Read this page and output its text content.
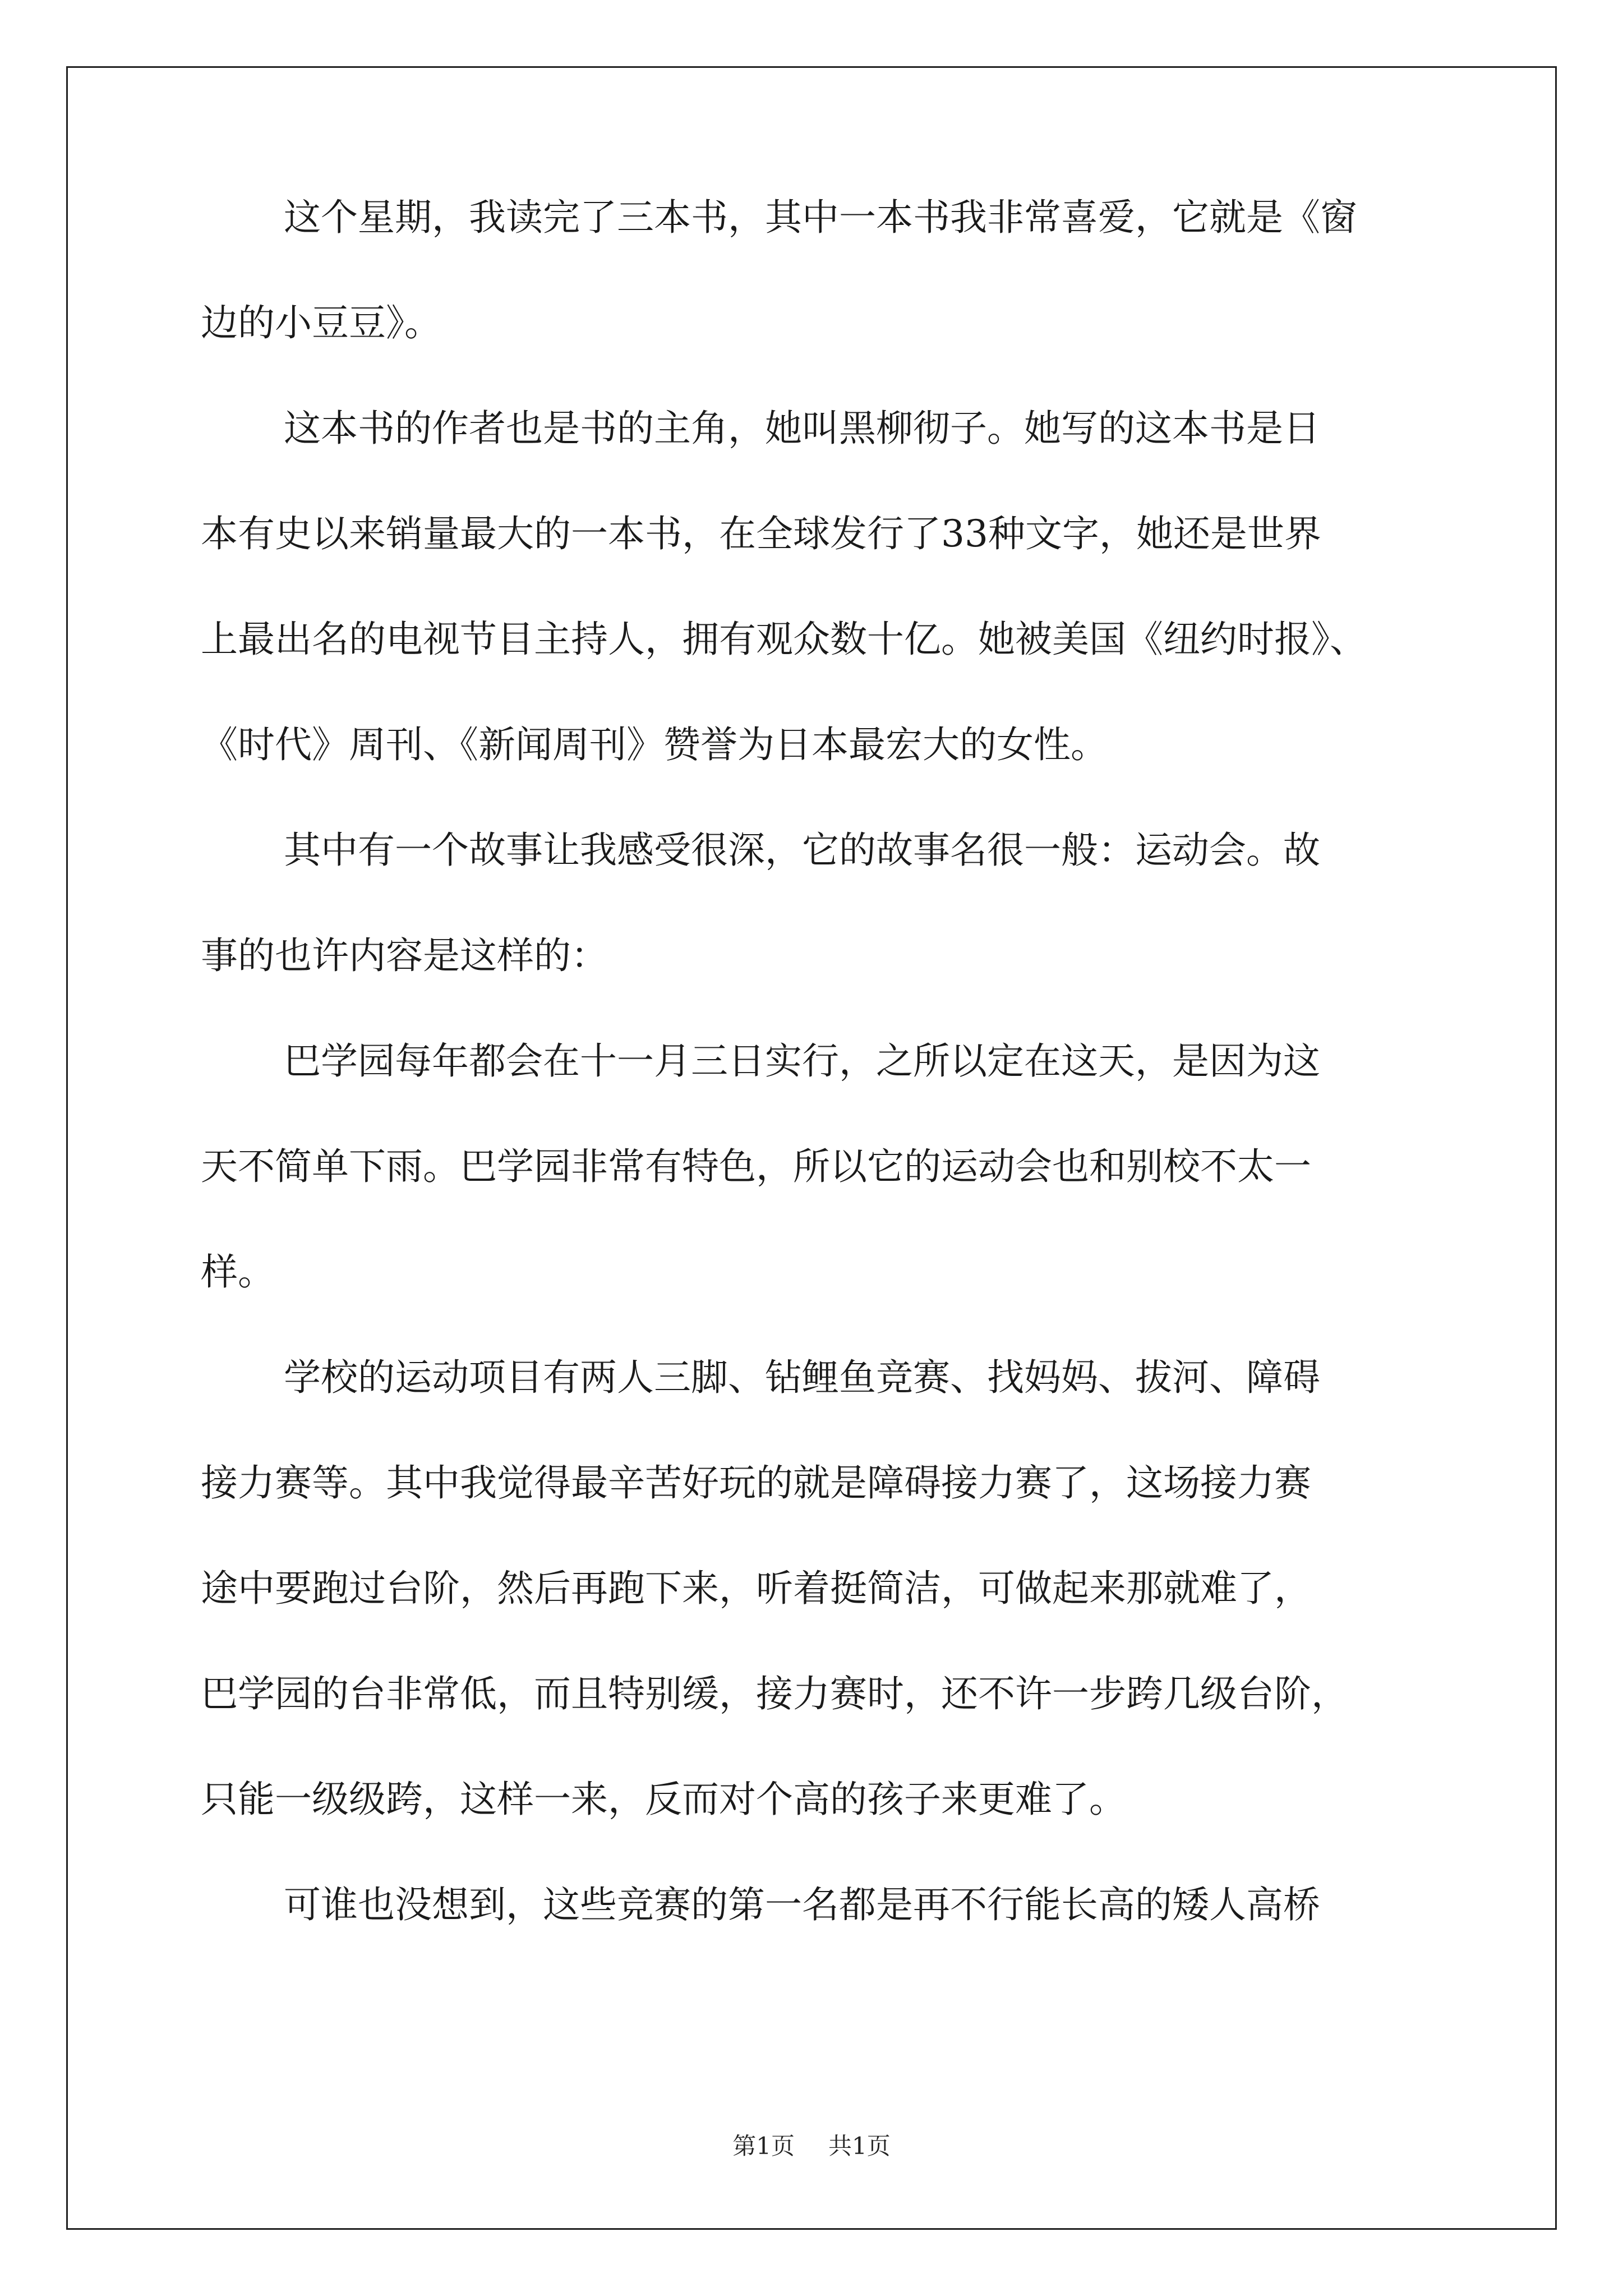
这个星期，我读完了三本书，其中一本书我非常喜爱，它就是《窗
边的小豆豆》。
这本书的作者也是书的主角，她叫黑柳彻子。她写的这本书是日
本有史以来销量最大的一本书，在全球发行了33种文字，她还是世界
上最出名的电视节目主持人，拥有观众数十亿。她被美国《纽约时报》、
《时代》周刊、《新闻周刊》赞誉为日本最宏大的女性。
其中有一个故事让我感受很深，它的故事名很一般：运动会。故
事的也许内容是这样的：
巴学园每年都会在十一月三日实行，之所以定在这天，是因为这
天不简单下雨。巴学园非常有特色，所以它的运动会也和别校不太一
样。
学校的运动项目有两人三脚、钻鲤鱼竞赛、找妈妈、拔河、障碍
接力赛等。其中我觉得最辛苦好玩的就是障碍接力赛了，这场接力赛
途中要跑过台阶，然后再跑下来，听着挺简洁，可做起来那就难了，
巴学园的台非常低，而且特别缓，接力赛时，还不许一步跨几级台阶，
只能一级级跨，这样一来，反而对个高的孩子来更难了。
可谁也没想到，这些竞赛的第一名都是再不行能长高的矮人高桥
第1页 共1页
